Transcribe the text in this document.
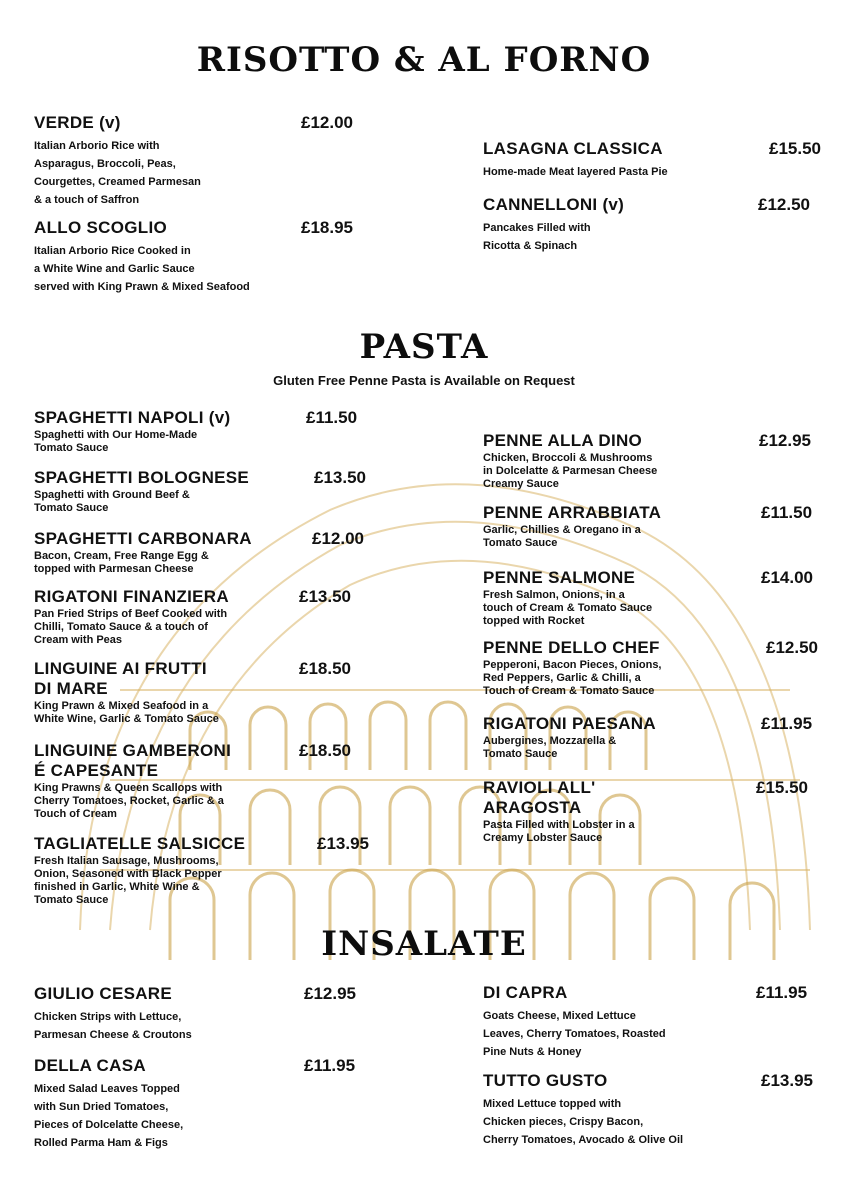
RISOTTO & AL FORNO
PASTA
Gluten Free Penne Pasta is Available on Request
INSALATE
VERDE (v)	£12.00
Italian Arborio Rice with
Asparagus, Broccoli, Peas,
Courgettes, Creamed Parmesan
& a touch of Saffron
ALLO SCOGLIO	£18.95
Italian Arborio Rice Cooked in
a White Wine and Garlic Sauce
served with King Prawn & Mixed Seafood
LASAGNA CLASSICA	£15.50
Home-made Meat layered Pasta Pie
CANNELLONI (v)	£12.50
Pancakes Filled with
Ricotta & Spinach
SPAGHETTI NAPOLI (v)	£11.50
Spaghetti with Our Home-Made
Tomato Sauce
SPAGHETTI BOLOGNESE	£13.50
Spaghetti with Ground Beef &
Tomato Sauce
SPAGHETTI CARBONARA	£12.00
Bacon, Cream, Free Range Egg &
topped with Parmesan Cheese
RIGATONI FINANZIERA	£13.50
Pan Fried Strips of Beef Cooked with
Chilli, Tomato Sauce & a touch of
Cream with Peas
LINGUINE AI FRUTTI
DI MARE
£18.50
King Prawn & Mixed Seafood in a
White Wine, Garlic & Tomato Sauce
LINGUINE GAMBERONI
É CAPESANTE
£18.50
King Prawns & Queen Scallops with
Cherry Tomatoes, Rocket, Garlic & a
Touch of Cream
TAGLIATELLE SALSICCE	£13.95
Fresh Italian Sausage, Mushrooms,
Onion, Seasoned with Black Pepper
finished in Garlic, White Wine &
Tomato Sauce
PENNE ALLA DINO	£12.95
Chicken, Broccoli & Mushrooms
in Dolcelatte & Parmesan Cheese
Creamy Sauce
PENNE ARRABBIATA	£11.50
Garlic, Chillies & Oregano in a
Tomato Sauce
PENNE SALMONE	£14.00
Fresh Salmon, Onions, in a
touch of Cream & Tomato Sauce
topped with Rocket
PENNE DELLO CHEF	£12.50
Pepperoni, Bacon Pieces, Onions,
Red Peppers, Garlic & Chilli, a
Touch of Cream & Tomato Sauce
RIGATONI PAESANA	£11.95
Aubergines, Mozzarella &
Tomato Sauce
RAVIOLI ALL'
ARAGOSTA
£15.50
Pasta Filled with Lobster in a
Creamy Lobster Sauce
GIULIO CESARE	£12.95
Chicken Strips with Lettuce,
Parmesan Cheese & Croutons
DELLA CASA	£11.95
Mixed Salad Leaves Topped
with Sun Dried Tomatoes,
Pieces of Dolcelatte Cheese,
Rolled Parma Ham & Figs
DI CAPRA	£11.95
Goats Cheese, Mixed Lettuce
Leaves, Cherry Tomatoes, Roasted
Pine Nuts & Honey
TUTTO GUSTO	£13.95
Mixed Lettuce topped with
Chicken pieces, Crispy Bacon,
Cherry Tomatoes, Avocado & Olive Oil
